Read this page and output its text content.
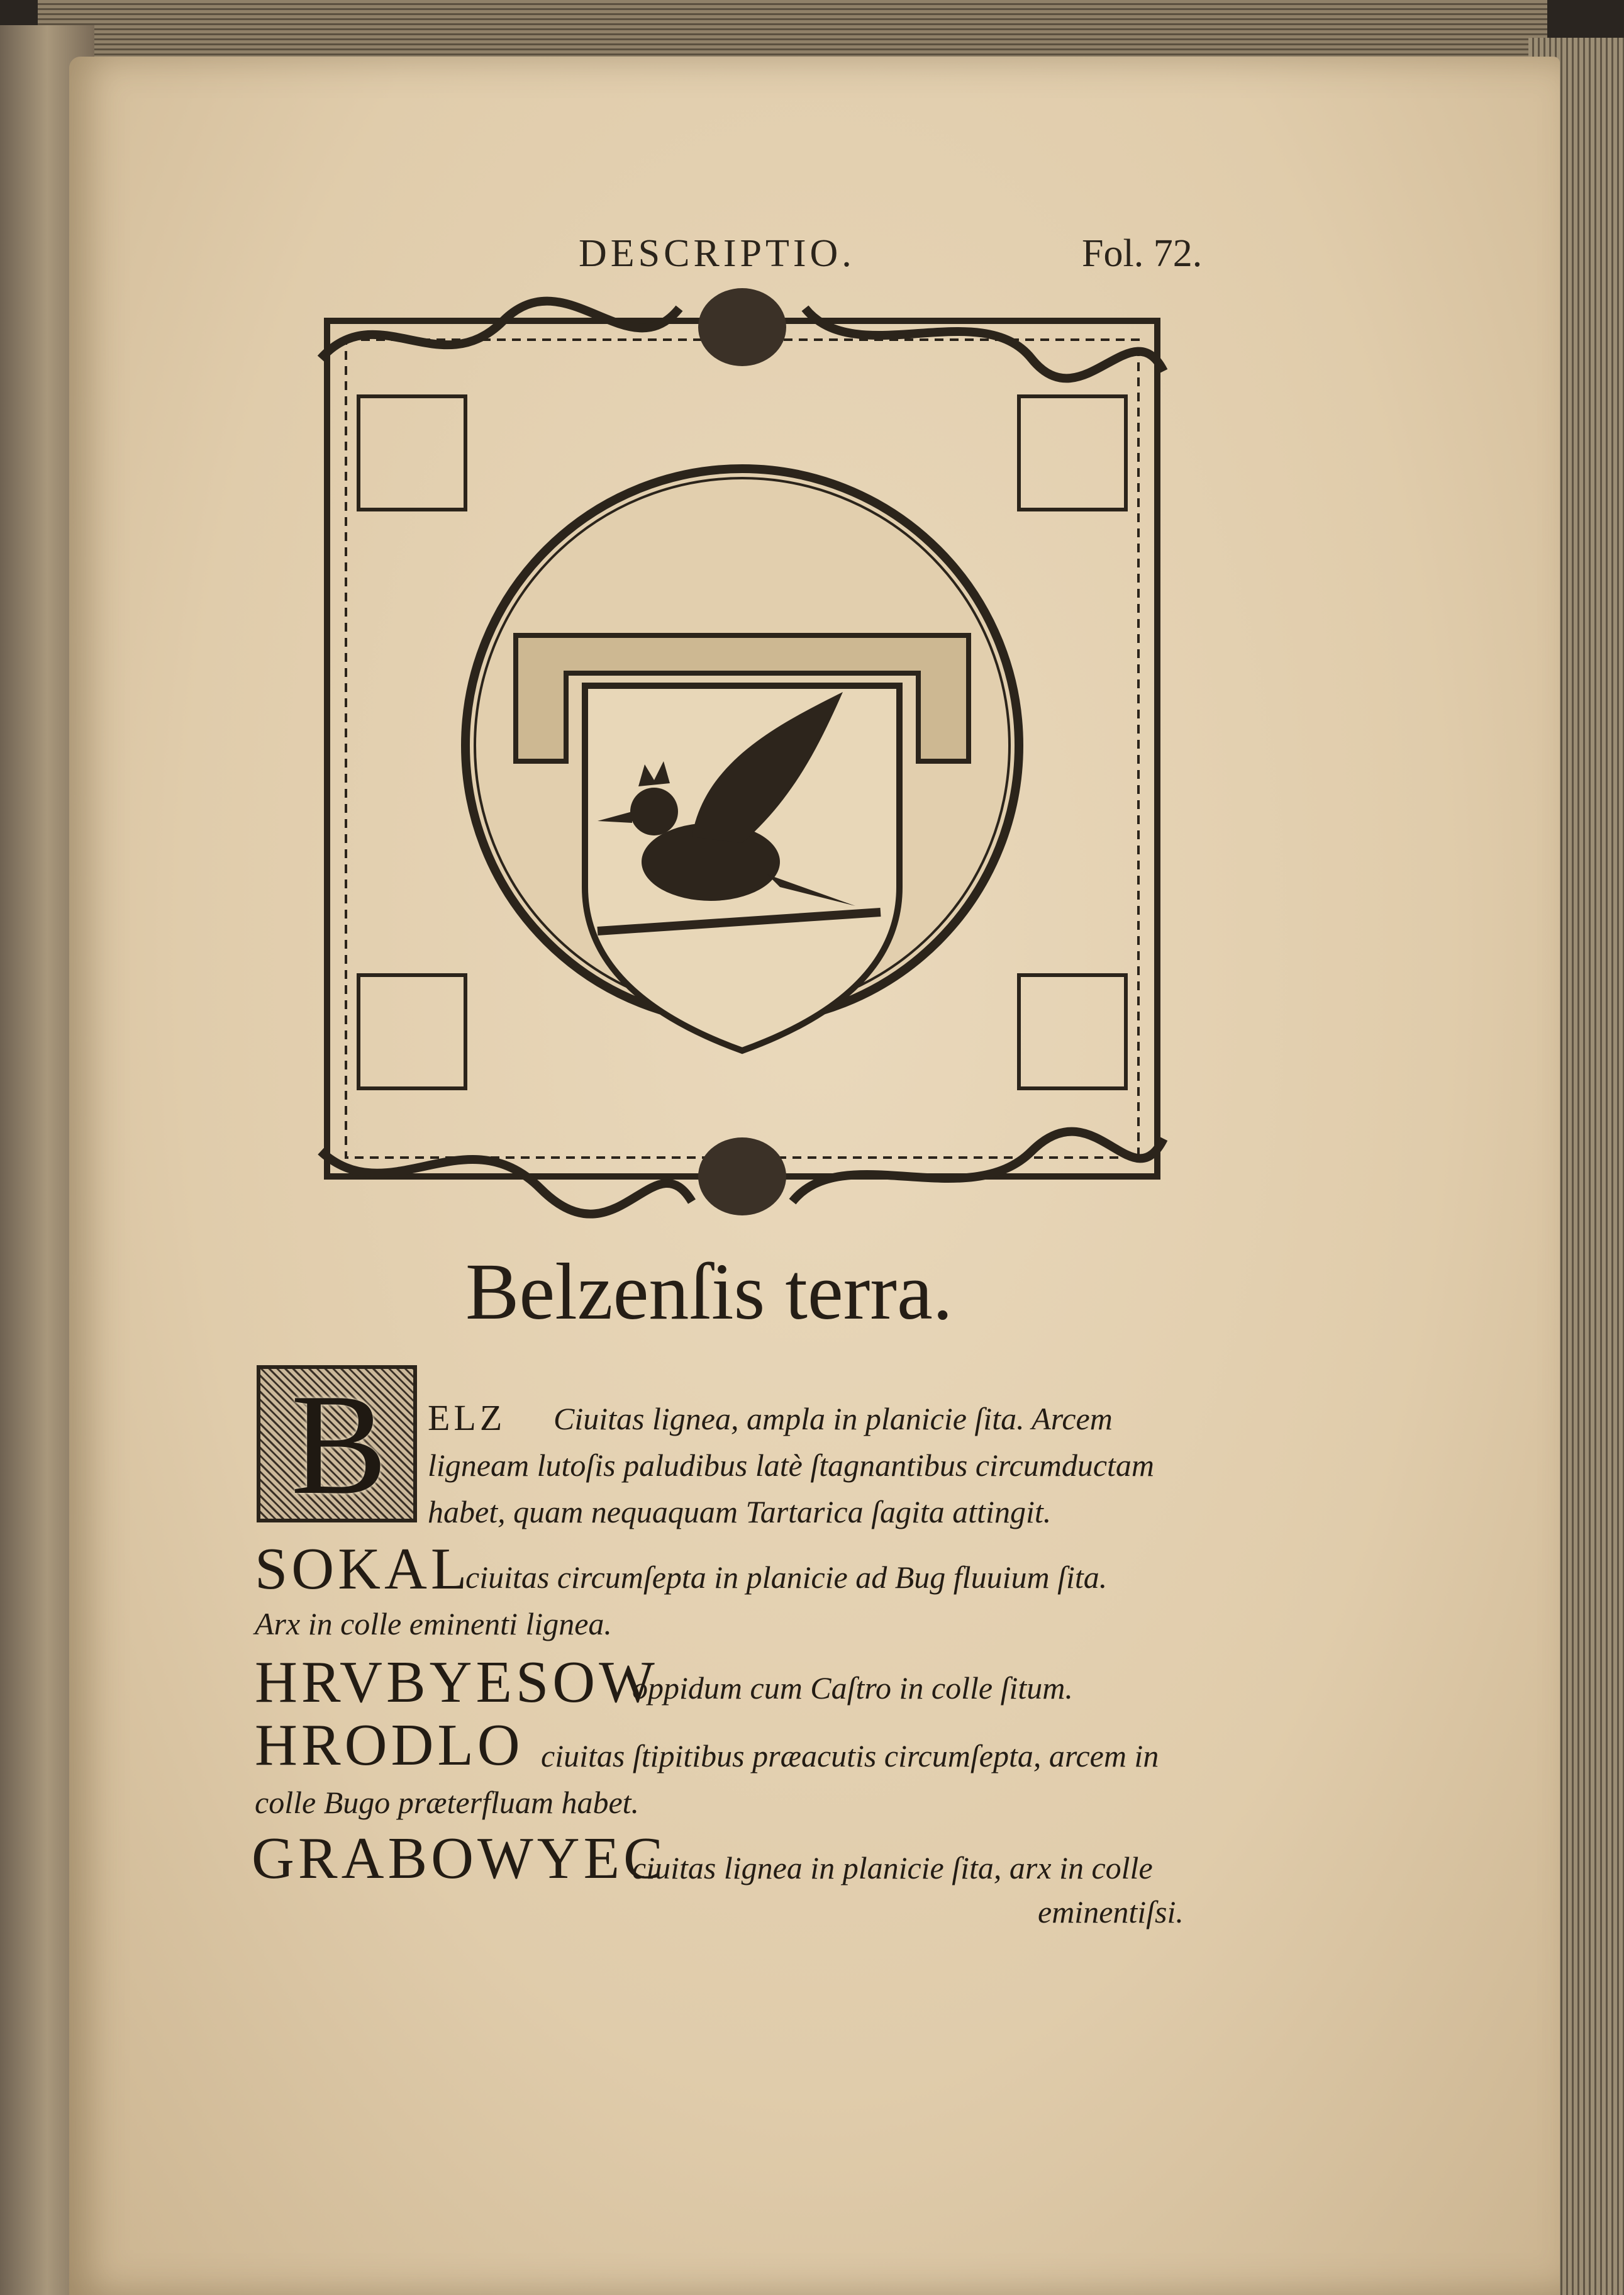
DESCRIPTIO.	Fol. 72.
Belzenſis terra.
B	ELZ Ciuitas lignea, ampla in planicie ſita. Arcem
ligneam lutoſis paludibus latè ſtagnantibus circumductam
habet, quam nequaquam Tartarica ſagita attingit.
SOKAL
ciuitas circumſepta in planicie ad Bug fluuium ſita.
Arx in colle eminenti lignea.
HRVBYESOW
oppidum cum Caſtro in colle ſitum.
HRODLO ciuitas ſtipitibus præacutis circumſepta, arcem in
colle Bugo præterfluam habet.
GRABOWYEC
ciuitas lignea in planicie ſita, arx in colle
eminentiſsi.
